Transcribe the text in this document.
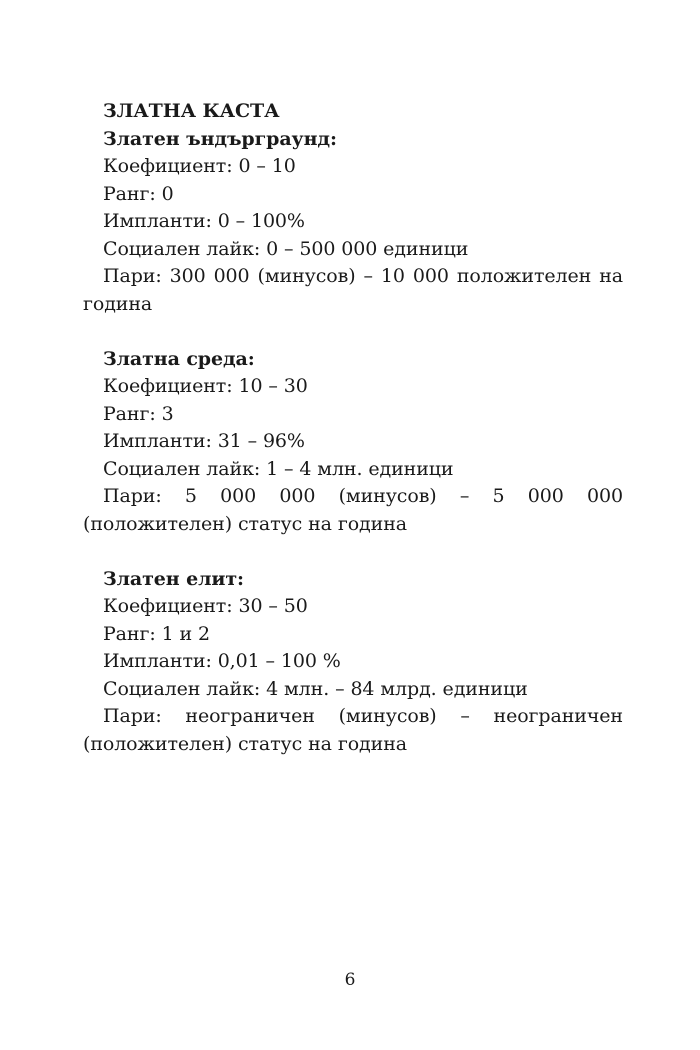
ЗЛАТНА КАСТА

Златен ъндърграунд:

Коефициент: 0 – 10

Ранг: 0

Импланти: 0 – 100%

Социален лайк: 0 – 500 000 единици

Пари: 300 000 (минусов) – 10 000 положителен на година

Златна среда:

Коефициент: 10 – 30

Ранг: 3

Импланти: 31 – 96%

Социален лайк: 1 – 4 млн. единици

Пари: 5 000 000 (минусов) – 5 000 000 (положителен) статус на година

Златен елит:

Коефициент: 30 – 50

Ранг: 1 и 2

Импланти: 0,01 – 100 %

Социален лайк: 4 млн. – 84 млрд. единици

Пари: неограничен (минусов) – неограничен (положителен) статус на година

6
